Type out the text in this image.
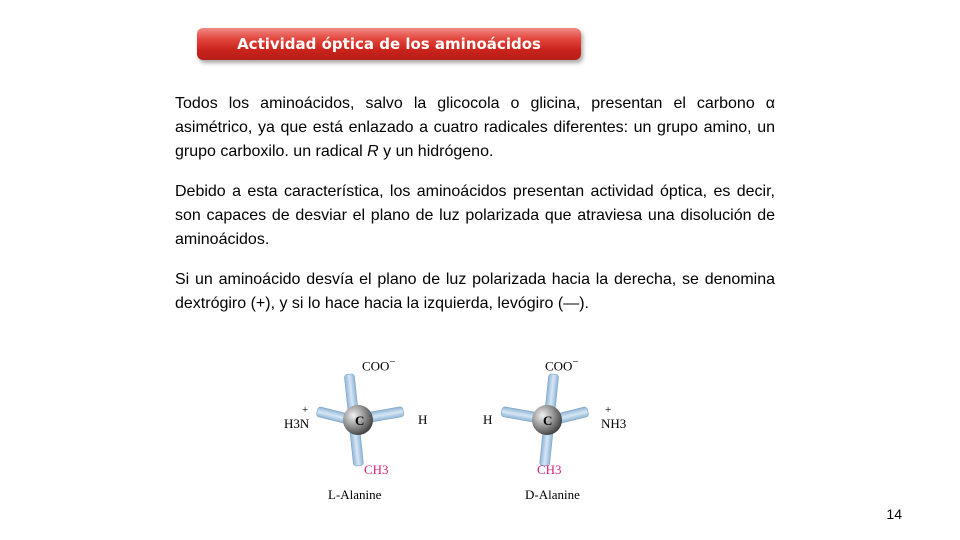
Actividad óptica de los aminoácidos

Todos los aminoácidos, salvo la glicocola o glicina, presentan el carbono α asimétrico, ya que está enlazado a cuatro radicales diferentes: un grupo amino, un grupo carboxilo. un radical R y un hidrógeno.

Debido a esta característica, los aminoácidos presentan actividad óptica, es decir, son capaces de desviar el plano de luz polarizada que atraviesa una disolución de aminoácidos.

Si un aminoácido desvía el plano de luz polarizada hacia la derecha, se denomina dextrógiro (+), y si lo hace hacia la izquierda, levógiro (—).

C
COO−
+
H3N	H
CH3
L-Alanine
C
COO−
H
+
NH3
CH3
D-Alanine
14
